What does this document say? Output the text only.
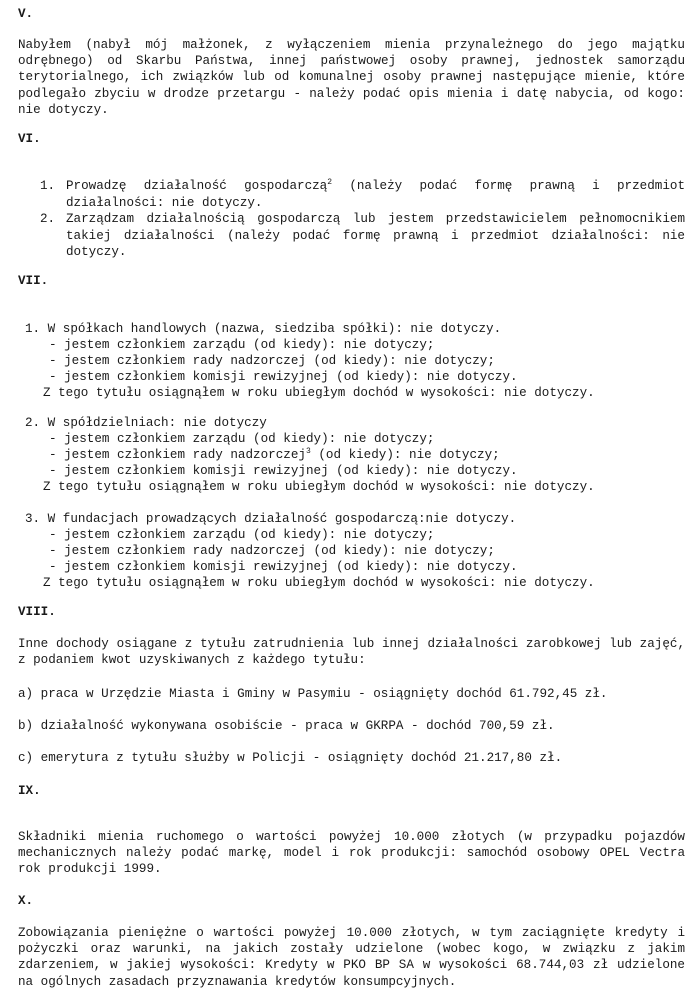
V.
Nabyłem (nabył mój małżonek, z wyłączeniem mienia przynależnego do jego majątku odrębnego) od Skarbu Państwa, innej państwowej osoby prawnej, jednostek samorządu terytorialnego, ich związków lub od komunalnej osoby prawnej następujące mienie, które podlegało zbyciu w drodze przetargu - należy podać opis mienia i datę nabycia, od kogo: nie dotyczy.
VI.
1. Prowadzę działalność gospodarczą$^2$ (należy podać formę prawną i przedmiot działalności: nie dotyczy.
2. Zarządzam działalnością gospodarczą lub jestem przedstawicielem pełnomocnikiem takiej działalności (należy podać formę prawną i przedmiot działalności: nie dotyczy.
VII.
1. W spółkach handlowych (nazwa, siedziba spółki): nie dotyczy.
- jestem członkiem zarządu (od kiedy): nie dotyczy;
- jestem członkiem rady nadzorczej (od kiedy): nie dotyczy;
- jestem członkiem komisji rewizyjnej (od kiedy): nie dotyczy.
Z tego tytułu osiągnąłem w roku ubiegłym dochód w wysokości: nie dotyczy.
2. W spółdzielniach: nie dotyczy
- jestem członkiem zarządu (od kiedy): nie dotyczy;
- jestem członkiem rady nadzorczej$^3$ (od kiedy): nie dotyczy;
- jestem członkiem komisji rewizyjnej (od kiedy): nie dotyczy.
Z tego tytułu osiągnąłem w roku ubiegłym dochód w wysokości: nie dotyczy.
3. W fundacjach prowadzących działalność gospodarczą:nie dotyczy.
- jestem członkiem zarządu (od kiedy): nie dotyczy;
- jestem członkiem rady nadzorczej (od kiedy): nie dotyczy;
- jestem członkiem komisji rewizyjnej (od kiedy): nie dotyczy.
Z tego tytułu osiągnąłem w roku ubiegłym dochód w wysokości: nie dotyczy.
VIII.
Inne dochody osiągane z tytułu zatrudnienia lub innej działalności zarobkowej lub zajęć, z podaniem kwot uzyskiwanych z każdego tytułu:
a) praca w Urzędzie Miasta i Gminy w Pasymiu - osiągnięty dochód 61.792,45 zł.
b) działalność wykonywana osobiście - praca w GKRPA - dochód 700,59 zł.
c) emerytura z tytułu służby w Policji - osiągnięty dochód 21.217,80 zł.
IX.
Składniki mienia ruchomego o wartości powyżej 10.000 złotych (w przypadku pojazdów mechanicznych należy podać markę, model i rok produkcji: samochód osobowy OPEL Vectra rok produkcji 1999.
X.
Zobowiązania pieniężne o wartości powyżej 10.000 złotych, w tym zaciągnięte kredyty i pożyczki oraz warunki, na jakich zostały udzielone (wobec kogo, w związku z jakim zdarzeniem, w jakiej wysokości: Kredyty w PKO BP SA w wysokości 68.744,03 zł udzielone na ogólnych zasadach przyznawania kredytów konsumpcyjnych.
